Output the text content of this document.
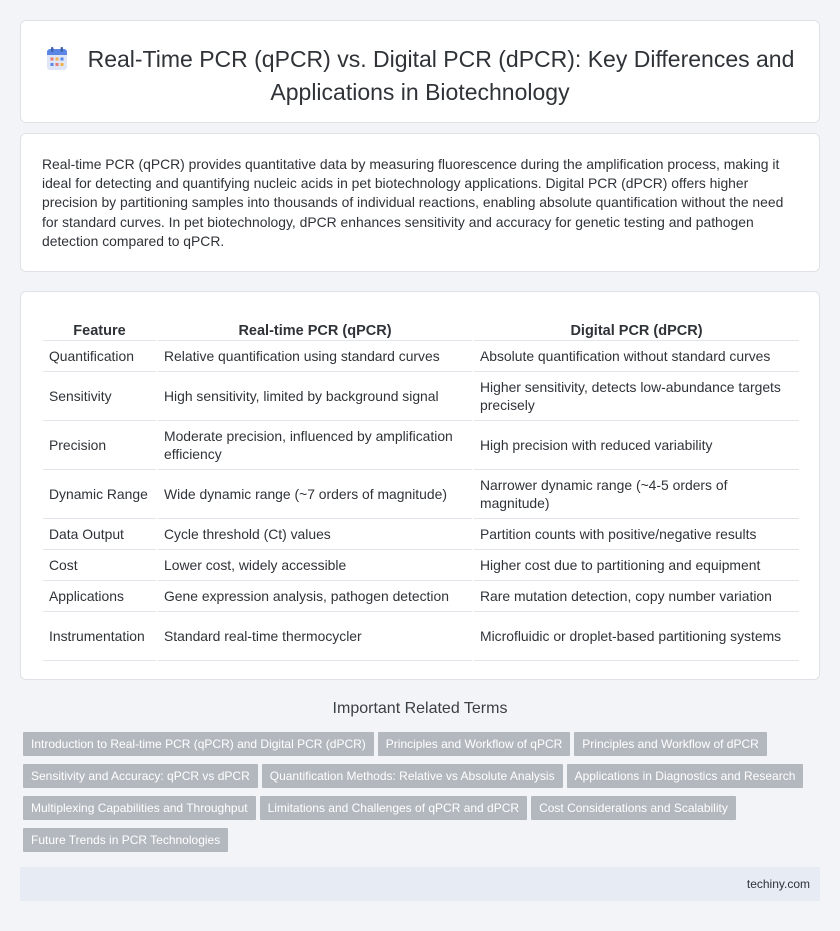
Real-Time PCR (qPCR) vs. Digital PCR (dPCR): Key Differences and
Applications in Biotechnology

Real-time PCR (qPCR) provides quantitative data by measuring fluorescence during the amplification process, making it ideal for detecting and quantifying nucleic acids in pet biotechnology applications. Digital PCR (dPCR) offers higher precision by partitioning samples into thousands of individual reactions, enabling absolute quantification without the need for standard curves. In pet biotechnology, dPCR enhances sensitivity and accuracy for genetic testing and pathogen detection compared to qPCR.

Feature	Real-time PCR (qPCR)	Digital PCR (dPCR)
Quantification	Relative quantification using standard curves	Absolute quantification without standard curves
Sensitivity	High sensitivity, limited by background signal	Higher sensitivity, detects low-abundance targets precisely
Precision	Moderate precision, influenced by amplification efficiency	High precision with reduced variability
Dynamic Range	Wide dynamic range (~7 orders of magnitude)	Narrower dynamic range (~4-5 orders of magnitude)
Data Output	Cycle threshold (Ct) values	Partition counts with positive/negative results
Cost	Lower cost, widely accessible	Higher cost due to partitioning and equipment
Applications	Gene expression analysis, pathogen detection	Rare mutation detection, copy number variation
Instrumentation	Standard real-time thermocycler	Microfluidic or droplet-based partitioning systems
Important Related Terms
Introduction to Real-time PCR (qPCR) and Digital PCR (dPCR) Principles and Workflow of qPCR Principles and Workflow of dPCRSensitivity and Accuracy: qPCR vs dPCR Quantification Methods: Relative vs Absolute Analysis Applications in Diagnostics and ResearchMultiplexing Capabilities and Throughput Limitations and Challenges of qPCR and dPCR Cost Considerations and ScalabilityFuture Trends in PCR Technologies
techiny.com
